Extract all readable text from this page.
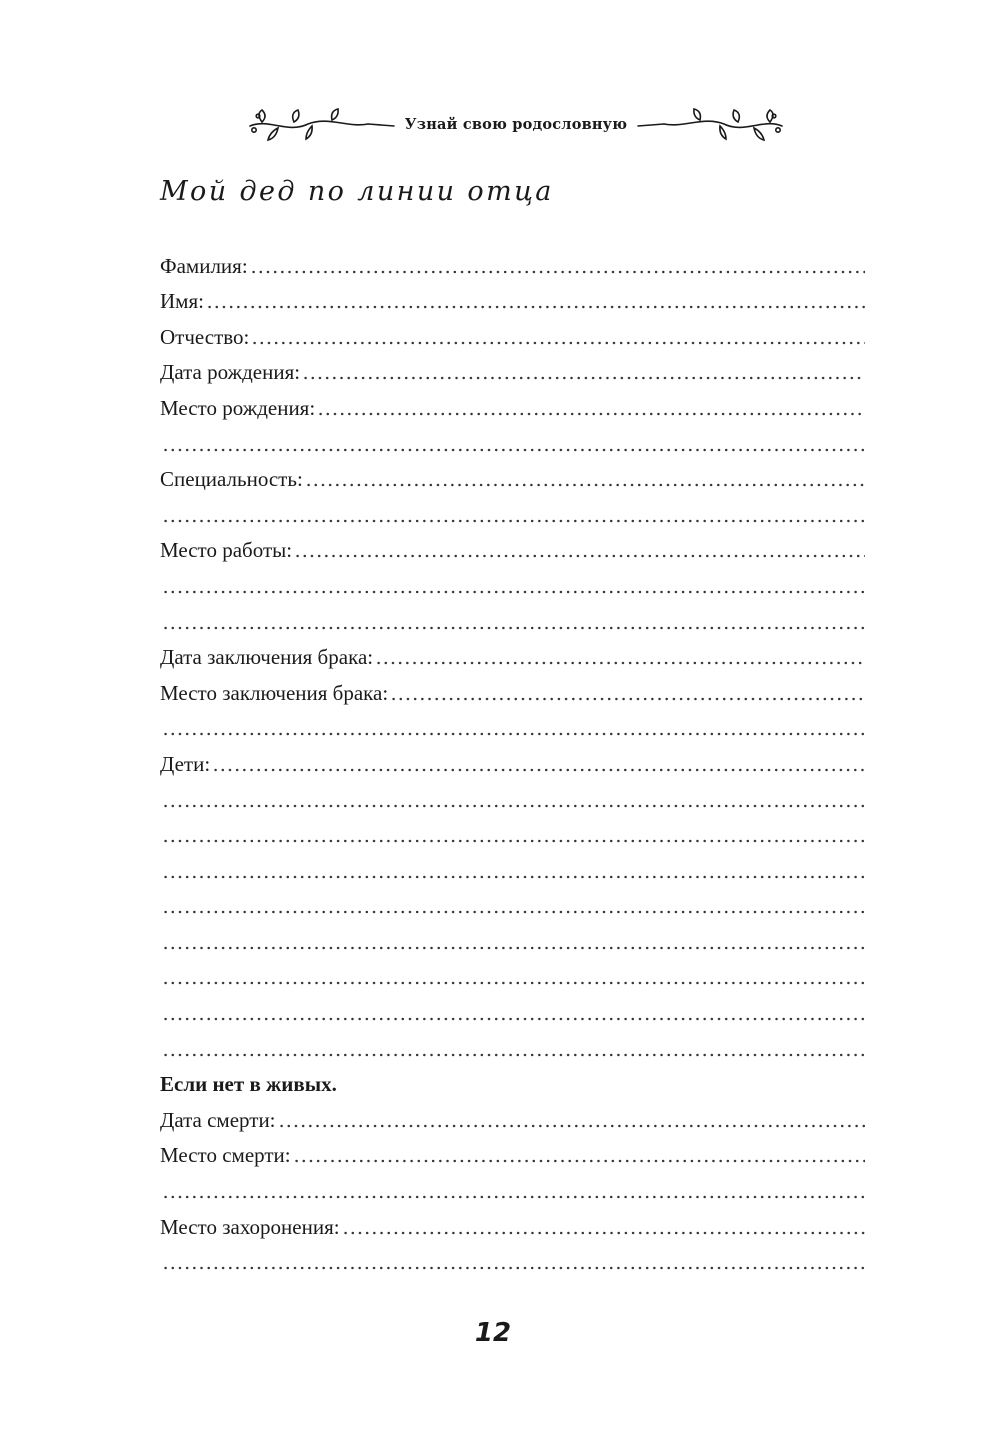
Узнай свою родословную
Мой дед по линии отца
Фамилия:
Имя:
Отчество:
Дата рождения:
Место рождения:
Специальность:
Место работы:
Дата заключения брака:
Место заключения брака:
Дети:
Если нет в живых.
Дата смерти:
Место смерти:
Место захоронения:
12
